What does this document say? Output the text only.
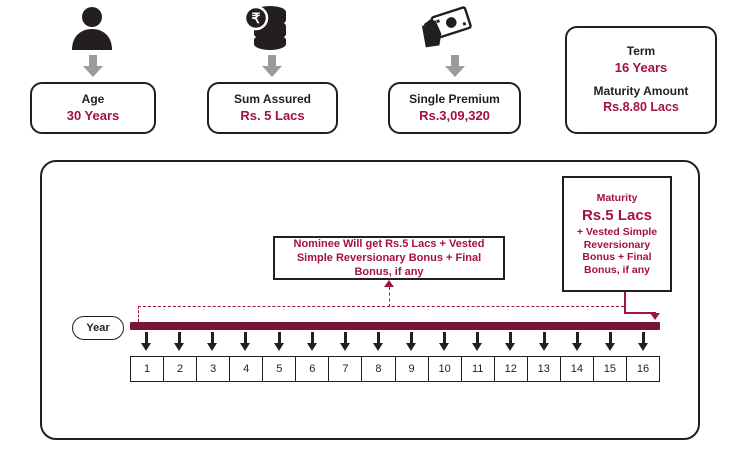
₹
Age
30 Years
Sum Assured
Rs. 5 Lacs
Single Premium
Rs.3,09,320
Term
16 Years
Maturity Amount
Rs.8.80 Lacs
Nominee Will get Rs.5 Lacs + Vested Simple Reversionary Bonus + Final Bonus, if any
Maturity
Rs.5 Lacs
+ Vested Simple Reversionary Bonus + Final Bonus, if any
Year
1	2	3	4	5	6	7	8	9	10	11	12	13	14	15	16
